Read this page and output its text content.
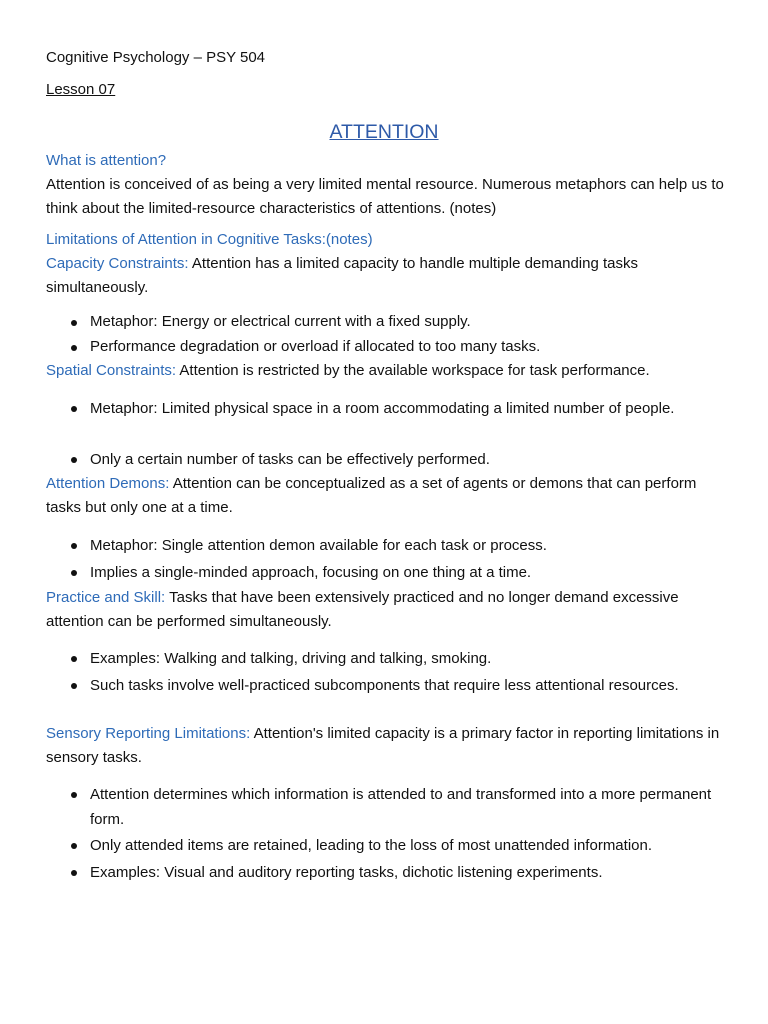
Cognitive Psychology – PSY 504
Lesson 07
ATTENTION
What is attention?
Attention is conceived of as being a very limited mental resource. Numerous metaphors can help us to think about the limited-resource characteristics of attentions. (notes)
Limitations of Attention in Cognitive Tasks:(notes)
Capacity Constraints: Attention has a limited capacity to handle multiple demanding tasks simultaneously.
Metaphor: Energy or electrical current with a fixed supply.
Performance degradation or overload if allocated to too many tasks.
Spatial Constraints: Attention is restricted by the available workspace for task performance.
Metaphor: Limited physical space in a room accommodating a limited number of people.
Only a certain number of tasks can be effectively performed.
Attention Demons: Attention can be conceptualized as a set of agents or demons that can perform tasks but only one at a time.
Metaphor: Single attention demon available for each task or process.
Implies a single-minded approach, focusing on one thing at a time.
Practice and Skill: Tasks that have been extensively practiced and no longer demand excessive attention can be performed simultaneously.
Examples: Walking and talking, driving and talking, smoking.
Such tasks involve well-practiced subcomponents that require less attentional resources.
Sensory Reporting Limitations: Attention's limited capacity is a primary factor in reporting limitations in sensory tasks.
Attention determines which information is attended to and transformed into a more permanent form.
Only attended items are retained, leading to the loss of most unattended information.
Examples: Visual and auditory reporting tasks, dichotic listening experiments.
